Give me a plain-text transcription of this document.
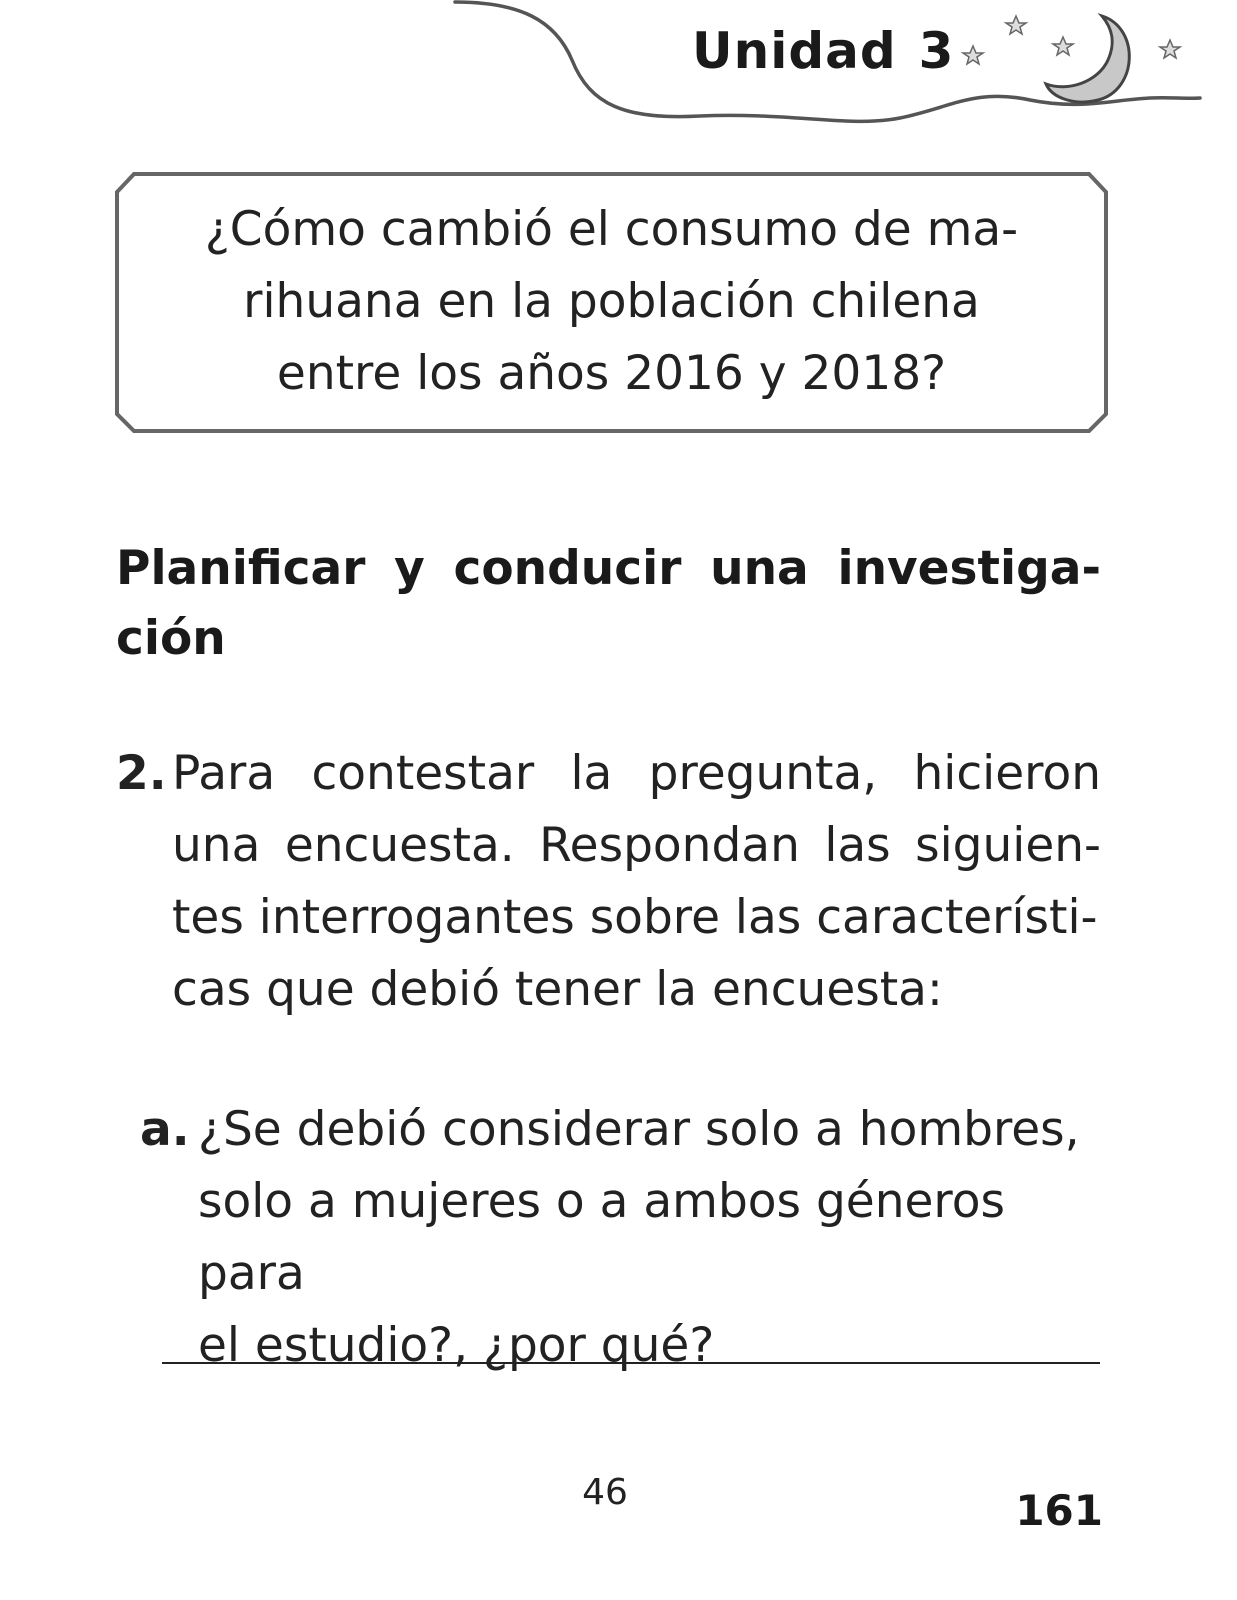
Unidad 3
¿Cómo cambió el consumo de ma-
rihuana en la población chilena
entre los años 2016 y 2018?
Planificar y conducir una investiga-
ción
2. Para contestar la pregunta, hicieron
una encuesta. Respondan las siguien-
tes interrogantes sobre las característi-
cas que debió tener la encuesta:
a. ¿Se debió considerar solo a hombres,
solo a mujeres o a ambos géneros para
el estudio?, ¿por qué?
46	161
